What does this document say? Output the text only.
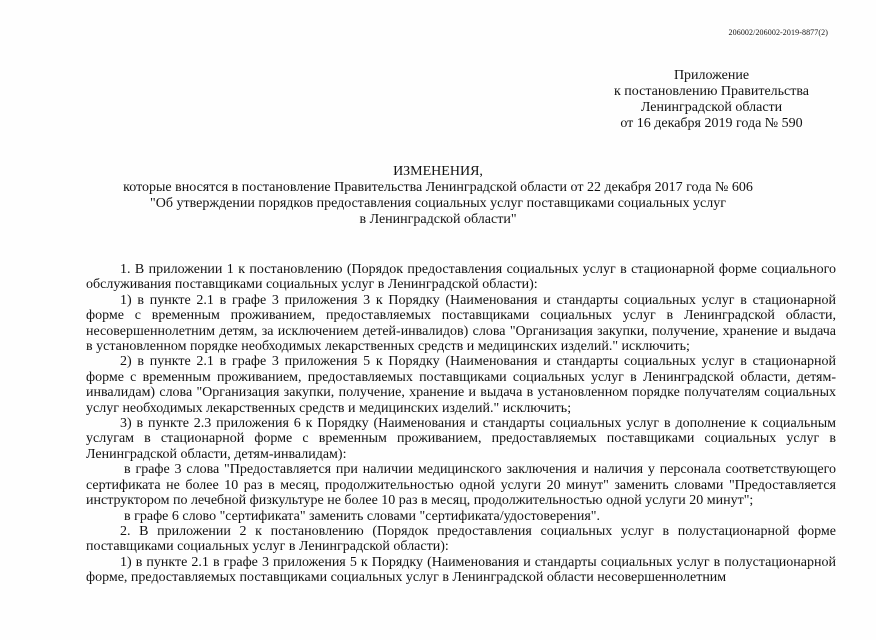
206002/206002-2019-8877(2)
Приложение
к постановлению Правительства
Ленинградской области
от 16 декабря 2019 года № 590
ИЗМЕНЕНИЯ,
которые вносятся в постановление Правительства Ленинградской области от 22 декабря 2017 года № 606
"Об утверждении порядков предоставления социальных услуг поставщиками социальных услуг
в Ленинградской области"

1. В приложении 1 к постановлению (Порядок предоставления социальных услуг в стационарной форме социального обслуживания поставщиками социальных услуг в Ленинградской области):

1) в пункте 2.1 в графе 3 приложения 3 к Порядку (Наименования и стандарты социальных услуг в стационарной форме с временным проживанием, предоставляемых поставщиками социальных услуг в Ленинградской области, несовершеннолетним детям, за исключением детей-инвалидов) слова "Организация закупки, получение, хранение и выдача в установленном порядке необходимых лекарственных средств и медицинских изделий." исключить;

2) в пункте 2.1 в графе 3 приложения 5 к Порядку (Наименования и стандарты социальных услуг в стационарной форме с временным проживанием, предоставляемых поставщиками социальных услуг в Ленинградской области, детям-инвалидам) слова "Организация закупки, получение, хранение и выдача в установленном порядке получателям социальных услуг необходимых лекарственных средств и медицинских изделий." исключить;

3) в пункте 2.3 приложения 6 к Порядку (Наименования и стандарты социальных услуг в дополнение к социальным услугам в стационарной форме с временным проживанием, предоставляемых поставщиками социальных услуг в Ленинградской области, детям-инвалидам):

в графе 3 слова "Предоставляется при наличии медицинского заключения и наличия у персонала соответствующего сертификата не более 10 раз в месяц, продолжительностью одной услуги 20 минут" заменить словами "Предоставляется инструктором по лечебной физкультуре не более 10 раз в месяц, продолжительностью одной услуги 20 минут";

в графе 6 слово "сертификата" заменить словами "сертификата/удостоверения".

2. В приложении 2 к постановлению (Порядок предоставления социальных услуг в полустационарной форме поставщиками социальных услуг в Ленинградской области):

1) в пункте 2.1 в графе 3 приложения 5 к Порядку (Наименования и стандарты социальных услуг в полустационарной форме, предоставляемых поставщиками социальных услуг в Ленинградской области несовершеннолетним
